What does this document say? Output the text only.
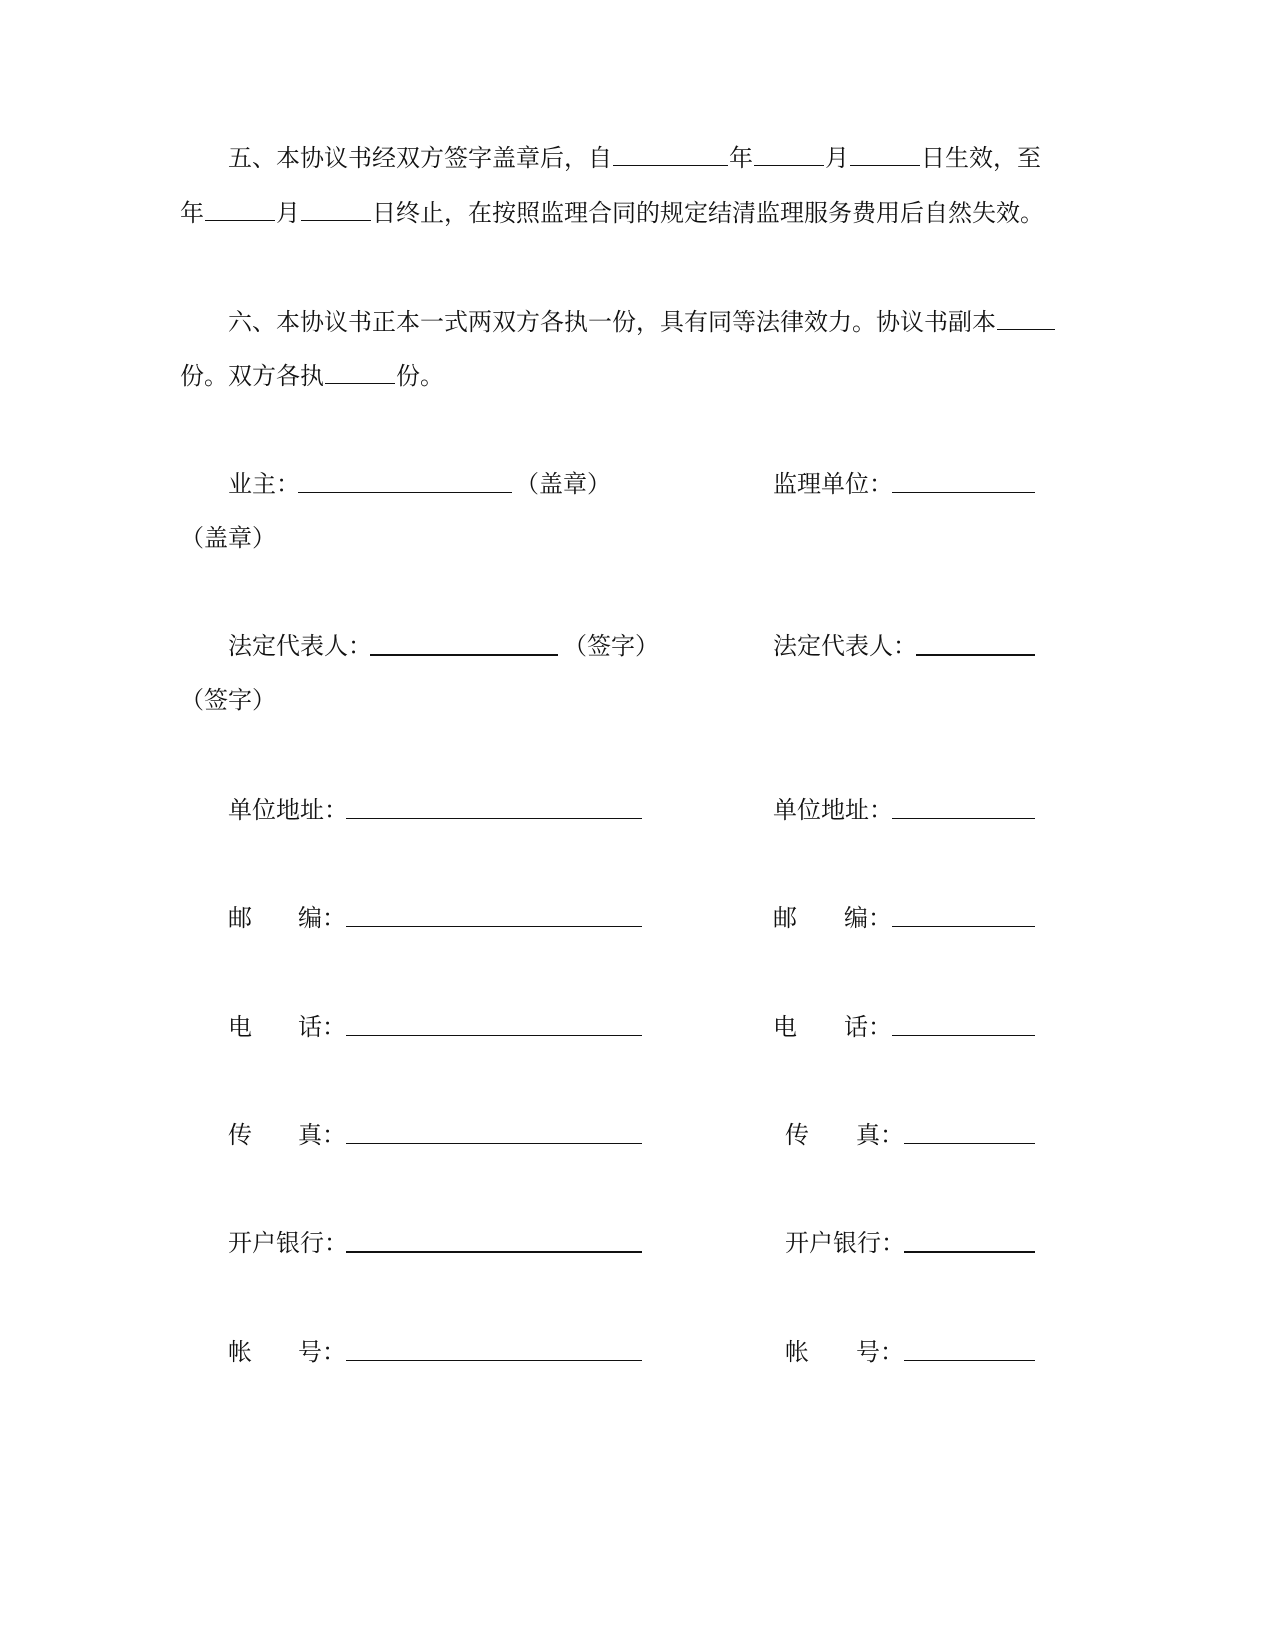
五、本协议书经双方签字盖章后，自	年	月	日生效，至
年	月	日终止，在按照监理合同的规定结清监理服务费用后自然失效。
六、本协议书正本一式两双方各执一份，具有同等法律效力。协议书副本
份。双方各执	份。
业主：	（盖章）	监理单位：
（盖章）
法定代表人：	（签字）	法定代表人：
（签字）
单位地址：	单位地址：
邮 编：	邮 编：
电 话：	电 话：
传 真：	传 真：
开户银行：	开户银行：
帐 号：	帐 号：
